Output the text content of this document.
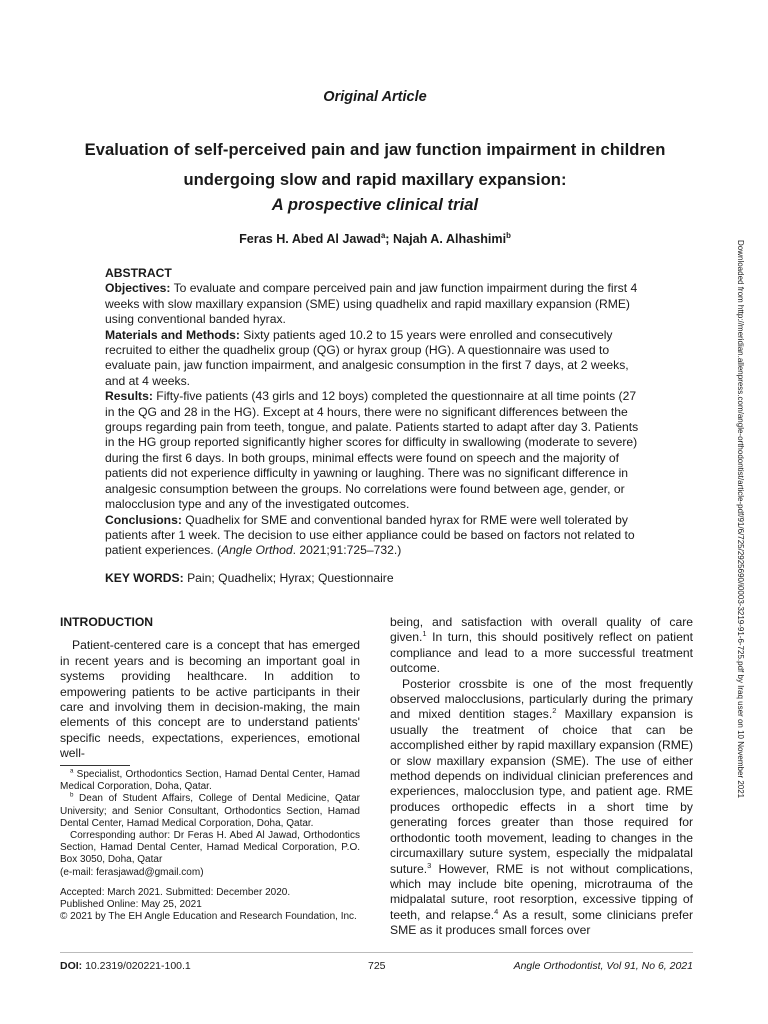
Original Article
Evaluation of self-perceived pain and jaw function impairment in children
undergoing slow and rapid maxillary expansion:
A prospective clinical trial
Feras H. Abed Al Jawad$^a$; Najah A. Alhashimi$^b$

ABSTRACT

Objectives: To evaluate and compare perceived pain and jaw function impairment during the first 4 weeks with slow maxillary expansion (SME) using quadhelix and rapid maxillary expansion (RME) using conventional banded hyrax.

Materials and Methods: Sixty patients aged 10.2 to 15 years were enrolled and consecutively recruited to either the quadhelix group (QG) or hyrax group (HG). A questionnaire was used to evaluate pain, jaw function impairment, and analgesic consumption in the first 7 days, at 2 weeks, and at 4 weeks.

Results: Fifty-five patients (43 girls and 12 boys) completed the questionnaire at all time points (27 in the QG and 28 in the HG). Except at 4 hours, there were no significant differences between the groups regarding pain from teeth, tongue, and palate. Patients started to adapt after day 3. Patients in the HG group reported significantly higher scores for difficulty in swallowing (moderate to severe) during the first 6 days. In both groups, minimal effects were found on speech and the majority of patients did not experience difficulty in yawning or laughing. There was no significant difference in analgesic consumption between the groups. No correlations were found between age, gender, or malocclusion type and any of the investigated outcomes.

Conclusions: Quadhelix for SME and conventional banded hyrax for RME were well tolerated by patients after 1 week. The decision to use either appliance could be based on factors not related to patient experiences. (Angle Orthod. 2021;91:725–732.)

KEY WORDS: Pain; Quadhelix; Hyrax; Questionnaire

INTRODUCTION

Patient-centered care is a concept that has emerged in recent years and is becoming an important goal in systems providing healthcare. In addition to empowering patients to be active participants in their care and involving them in decision-making, the main elements of this concept are to understand patients' specific needs, expectations, experiences, emotional well-

$^a$ Specialist, Orthodontics Section, Hamad Dental Center, Hamad Medical Corporation, Doha, Qatar.

$^b$ Dean of Student Affairs, College of Dental Medicine, Qatar University; and Senior Consultant, Orthodontics Section, Hamad Dental Center, Hamad Medical Corporation, Doha, Qatar.

Corresponding author: Dr Feras H. Abed Al Jawad, Orthodontics Section, Hamad Dental Center, Hamad Medical Corporation, P.O. Box 3050, Doha, Qatar

(e-mail: ferasjawad@gmail.com)

Accepted: March 2021. Submitted: December 2020.

Published Online: May 25, 2021

© 2021 by The EH Angle Education and Research Foundation, Inc.

being, and satisfaction with overall quality of care given.$^1$ In turn, this should positively reflect on patient compliance and lead to a more successful treatment outcome.

Posterior crossbite is one of the most frequently observed malocclusions, particularly during the primary and mixed dentition stages.$^2$ Maxillary expansion is usually the treatment of choice that can be accomplished either by rapid maxillary expansion (RME) or slow maxillary expansion (SME). The use of either method depends on individual clinician preferences and experiences, malocclusion type, and patient age. RME produces orthopedic effects in a short time by generating forces greater than those required for orthodontic tooth movement, leading to changes in the circumaxillary suture system, especially the midpalatal suture.$^3$ However, RME is not without complications, which may include bite opening, microtrauma of the midpalatal suture, root resorption, excessive tipping of teeth, and relapse.$^4$ As a result, some clinicians prefer SME as it produces small forces over

Downloaded from http://meridian.allenpress.com/angle-orthodontist/article-pdf/91/6/725/2925690/i0003-3219-91-6-725.pdf by Iraq user on 10 November 2021
DOI: 10.2319/020221-100.1	725	Angle Orthodontist, Vol 91, No 6, 2021
